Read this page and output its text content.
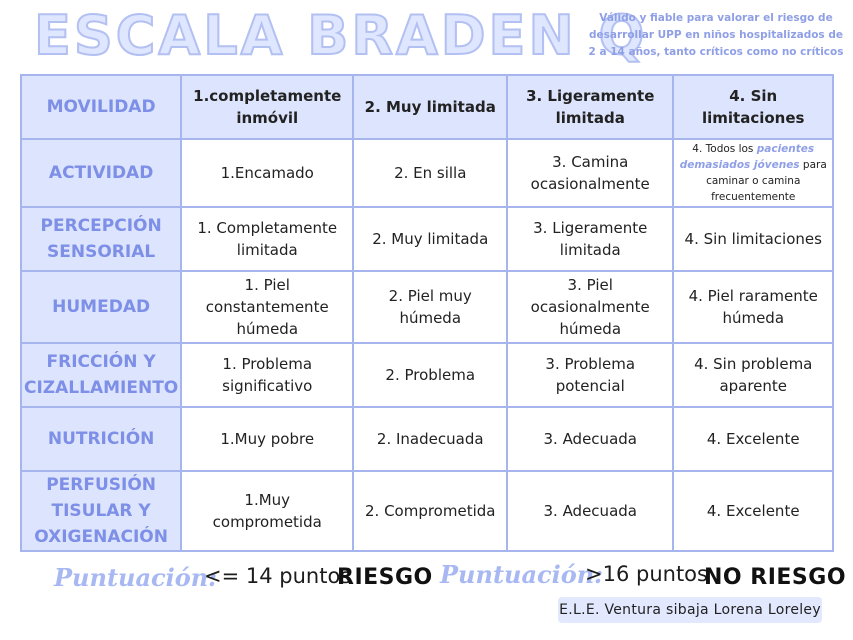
ESCALA BRADEN Q
Válido y fiable para valorar el riesgo de desarrollar UPP en niños hospitalizados de 2 a 14 años, tanto críticos como no críticos
MOVILIDAD	1.completamente inmóvil	2. Muy limitada	3. Ligeramente limitada	4. Sin limitaciones
ACTIVIDAD	1.Encamado	2. En silla	3. Camina ocasionalmente	4. Todos los pacientes demasiados jóvenes para caminar o camina frecuentemente
PERCEPCIÓN SENSORIAL	1. Completamente limitada	2. Muy limitada	3. Ligeramente limitada	4. Sin limitaciones
HUMEDAD	1. Piel constantemente húmeda	2. Piel muy húmeda	3. Piel ocasionalmente húmeda	4. Piel raramente húmeda
FRICCIÓN Y CIZALLAMIENTO	1. Problema significativo	2. Problema	3. Problema potencial	4. Sin problema aparente
NUTRICIÓN	1.Muy pobre	2. Inadecuada	3. Adecuada	4. Excelente
PERFUSIÓN TISULAR Y OXIGENACIÓN	1.Muy comprometida	2. Comprometida	3. Adecuada	4. Excelente
Puntuación:
<= 14 puntos
RIESGO Puntuación:
>16 puntos
NO RIESGO
E.L.E. Ventura sibaja Lorena Loreley
